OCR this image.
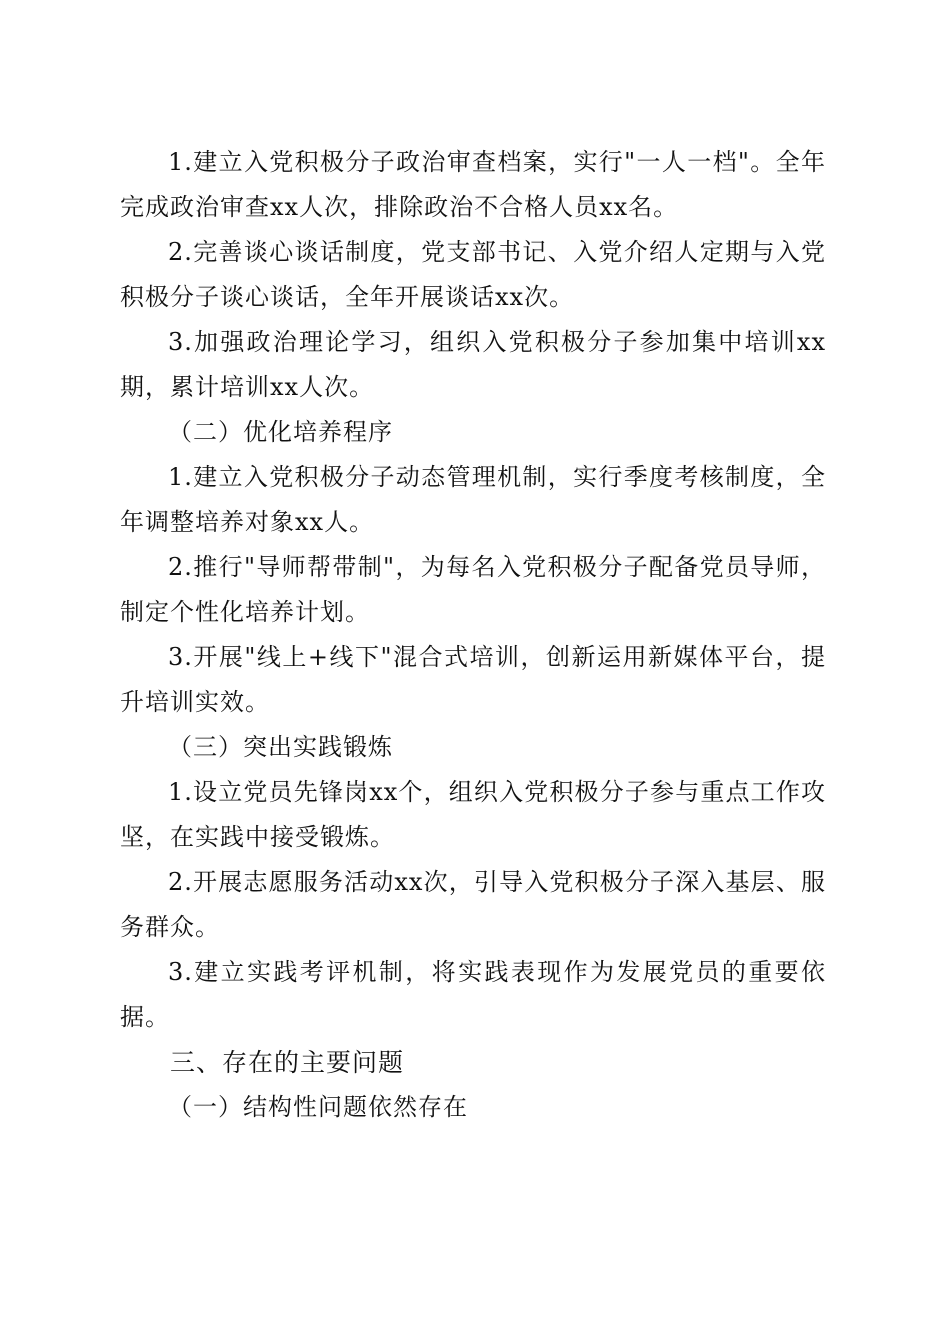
1.建立入党积极分子政治审查档案，实行"一人一档"。全年完成政治审查xx人次，排除政治不合格人员xx名。

2.完善谈心谈话制度，党支部书记、入党介绍人定期与入党积极分子谈心谈话，全年开展谈话xx次。

3.加强政治理论学习，组织入党积极分子参加集中培训xx期，累计培训xx人次。

（二）优化培养程序

1.建立入党积极分子动态管理机制，实行季度考核制度，全年调整培养对象xx人。

2.推行"导师帮带制"，为每名入党积极分子配备党员导师，制定个性化培养计划。

3.开展"线上+线下"混合式培训，创新运用新媒体平台，提升培训实效。

（三）突出实践锻炼

1.设立党员先锋岗xx个，组织入党积极分子参与重点工作攻坚，在实践中接受锻炼。

2.开展志愿服务活动xx次，引导入党积极分子深入基层、服务群众。

3.建立实践考评机制，将实践表现作为发展党员的重要依据。

三、存在的主要问题

（一）结构性问题依然存在
